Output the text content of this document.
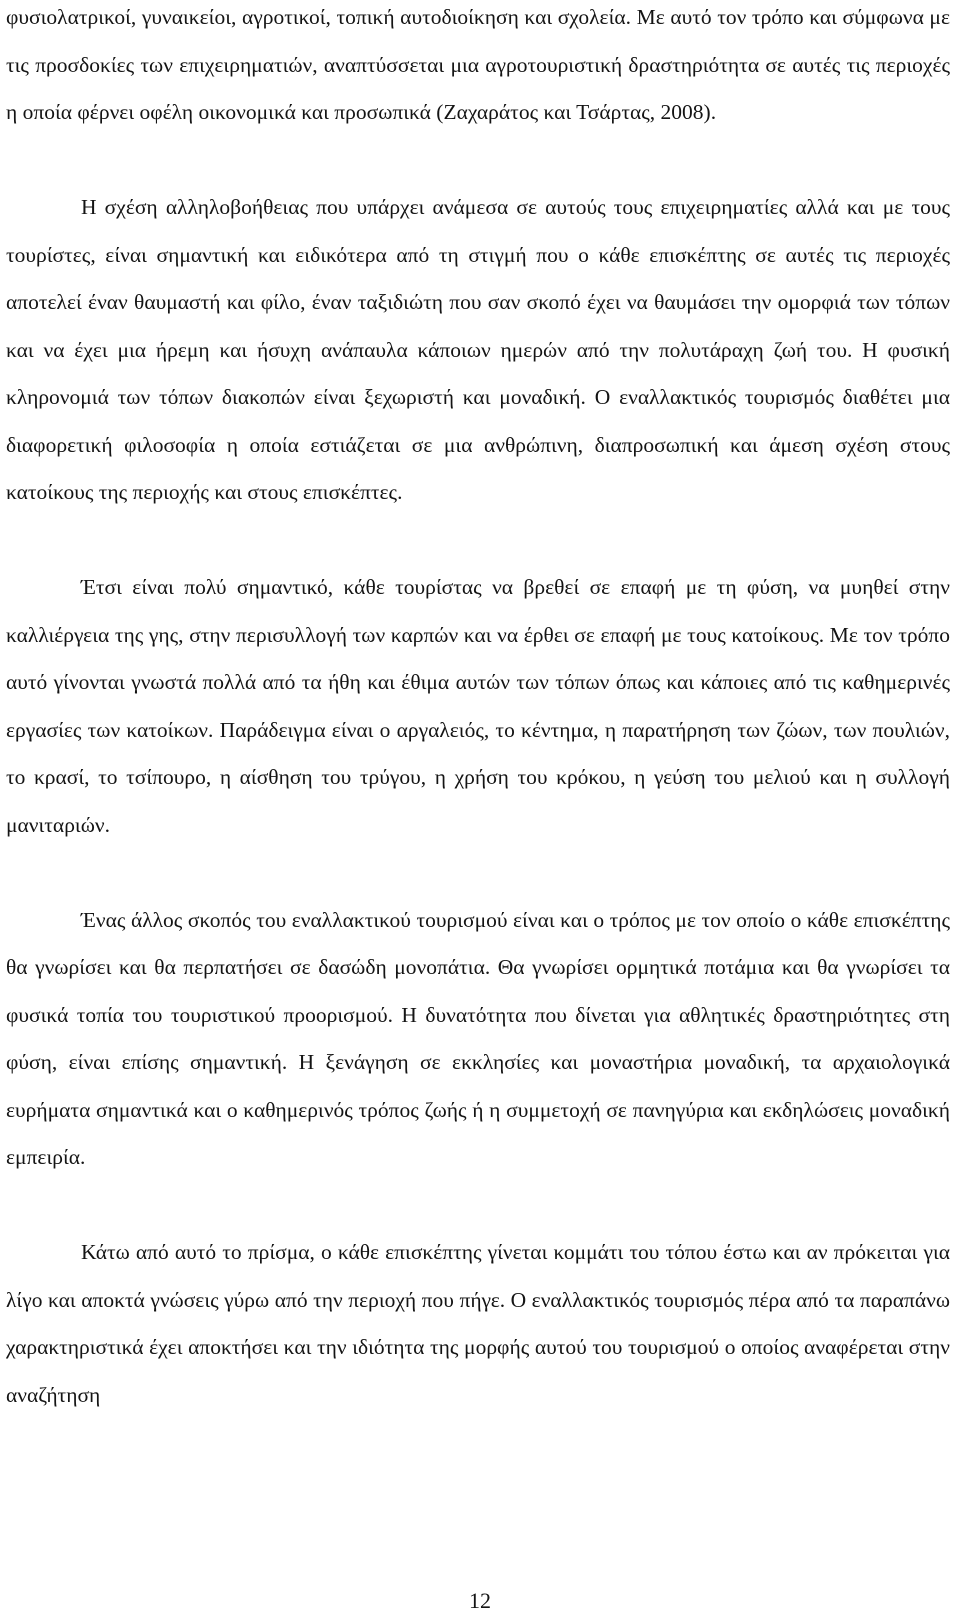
φυσιολατρικοί, γυναικείοι, αγροτικοί, τοπική αυτοδιοίκηση και σχολεία. Με αυτό τον τρόπο και σύμφωνα με τις προσδοκίες των επιχειρηματιών, αναπτύσσεται μια αγροτουριστική δραστηριότητα σε αυτές τις περιοχές η οποία φέρνει οφέλη οικονομικά και προσωπικά (Ζαχαράτος και Τσάρτας, 2008).

Η σχέση αλληλοβοήθειας που υπάρχει ανάμεσα σε αυτούς τους επιχειρηματίες αλλά και με τους τουρίστες, είναι σημαντική και ειδικότερα από τη στιγμή που ο κάθε επισκέπτης σε αυτές τις περιοχές αποτελεί έναν θαυμαστή και φίλο, έναν ταξιδιώτη που σαν σκοπό έχει να θαυμάσει την ομορφιά των τόπων και να έχει μια ήρεμη και ήσυχη ανάπαυλα κάποιων ημερών από την πολυτάραχη ζωή του. Η φυσική κληρονομιά των τόπων διακοπών είναι ξεχωριστή και μοναδική. Ο εναλλακτικός τουρισμός διαθέτει μια διαφορετική φιλοσοφία η οποία εστιάζεται σε μια ανθρώπινη, διαπροσωπική και άμεση σχέση στους κατοίκους της περιοχής και στους επισκέπτες.

Έτσι είναι πολύ σημαντικό, κάθε τουρίστας να βρεθεί σε επαφή με τη φύση, να μυηθεί στην καλλιέργεια της γης, στην περισυλλογή των καρπών και να έρθει σε επαφή με τους κατοίκους. Με τον τρόπο αυτό γίνονται γνωστά πολλά από τα ήθη και έθιμα αυτών των τόπων όπως και κάποιες από τις καθημερινές εργασίες των κατοίκων. Παράδειγμα είναι ο αργαλειός, το κέντημα, η παρατήρηση των ζώων, των πουλιών, το κρασί, το τσίπουρο, η αίσθηση του τρύγου, η χρήση του κρόκου, η γεύση του μελιού και η συλλογή μανιταριών.

Ένας άλλος σκοπός του εναλλακτικού τουρισμού είναι και ο τρόπος με τον οποίο ο κάθε επισκέπτης θα γνωρίσει και θα περπατήσει σε δασώδη μονοπάτια. Θα γνωρίσει ορμητικά ποτάμια και θα γνωρίσει τα φυσικά τοπία του τουριστικού προορισμού. Η δυνατότητα που δίνεται για αθλητικές δραστηριότητες στη φύση, είναι επίσης σημαντική. Η ξενάγηση σε εκκλησίες και μοναστήρια μοναδική, τα αρχαιολογικά ευρήματα σημαντικά και ο καθημερινός τρόπος ζωής ή η συμμετοχή σε πανηγύρια και εκδηλώσεις μοναδική εμπειρία.

Κάτω από αυτό το πρίσμα, ο κάθε επισκέπτης γίνεται κομμάτι του τόπου έστω και αν πρόκειται για λίγο και αποκτά γνώσεις γύρω από την περιοχή που πήγε. Ο εναλλακτικός τουρισμός πέρα από τα παραπάνω χαρακτηριστικά έχει αποκτήσει και την ιδιότητα της μορφής αυτού του τουρισμού ο οποίος αναφέρεται στην αναζήτηση

12
